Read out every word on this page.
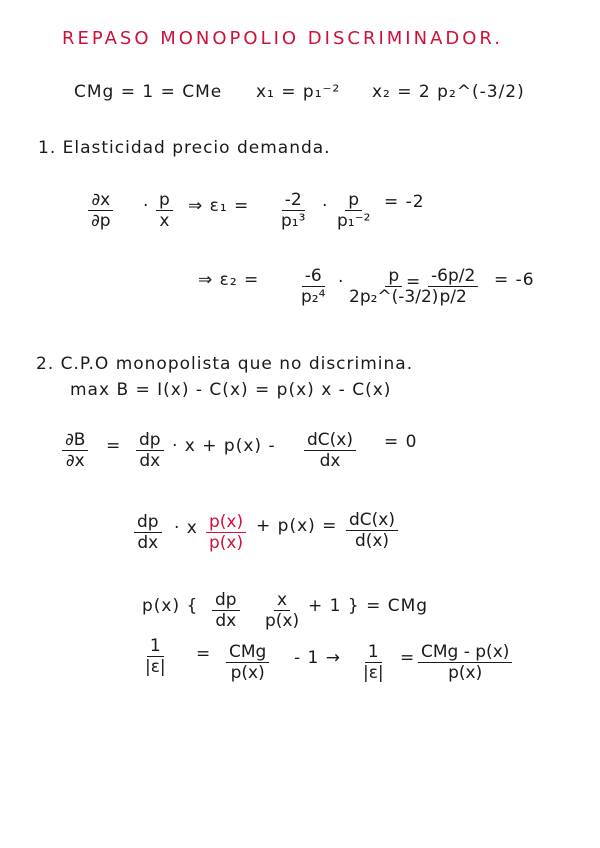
REPASO MONOPOLIO DISCRIMINADOR.
CMg = 1 = CMe x₁ = p₁⁻² x₂ = 2 p₂^(-3/2)
1. Elasticidad precio demanda.
$\frac{\partial x}{\partial p} \cdot \frac{p}{x}$ ⇒ $\varepsilon_1 = \frac{-2}{\text{p₁³}} \cdot \frac{p}{\text{p₁⁻²}} = -2$
⇒ $\varepsilon_2 = \frac{-6}{\text{p₂⁴}} \cdot \frac{p}{\text{2p₂\textasciicircum{}(-3/2)}}$
= $\frac{-6p/2}{p/2} = -6$
2. C.P.O monopolista que no discrimina.
max B = I(x) - C(x) = p(x) x - C(x)
$\frac{\partial B}{\partial x} = \frac{dp}{dx} \cdot x + p(x) - \frac{dC(x)}{dx} = 0$
$\frac{dp}{dx} \cdot x \frac{p(x)}{p(x)} + p(x) = \frac{dC(x)}{d(x)}$
p(x) { $\frac{dp}{dx} \frac{x}{p(x)} + 1$ } = CMg
$\frac{1}{|\varepsilon|}$ = CMg
p(x)
- $1 \to \frac{1}{|\varepsilon|}$ = CMg - p(x)
p(x)
